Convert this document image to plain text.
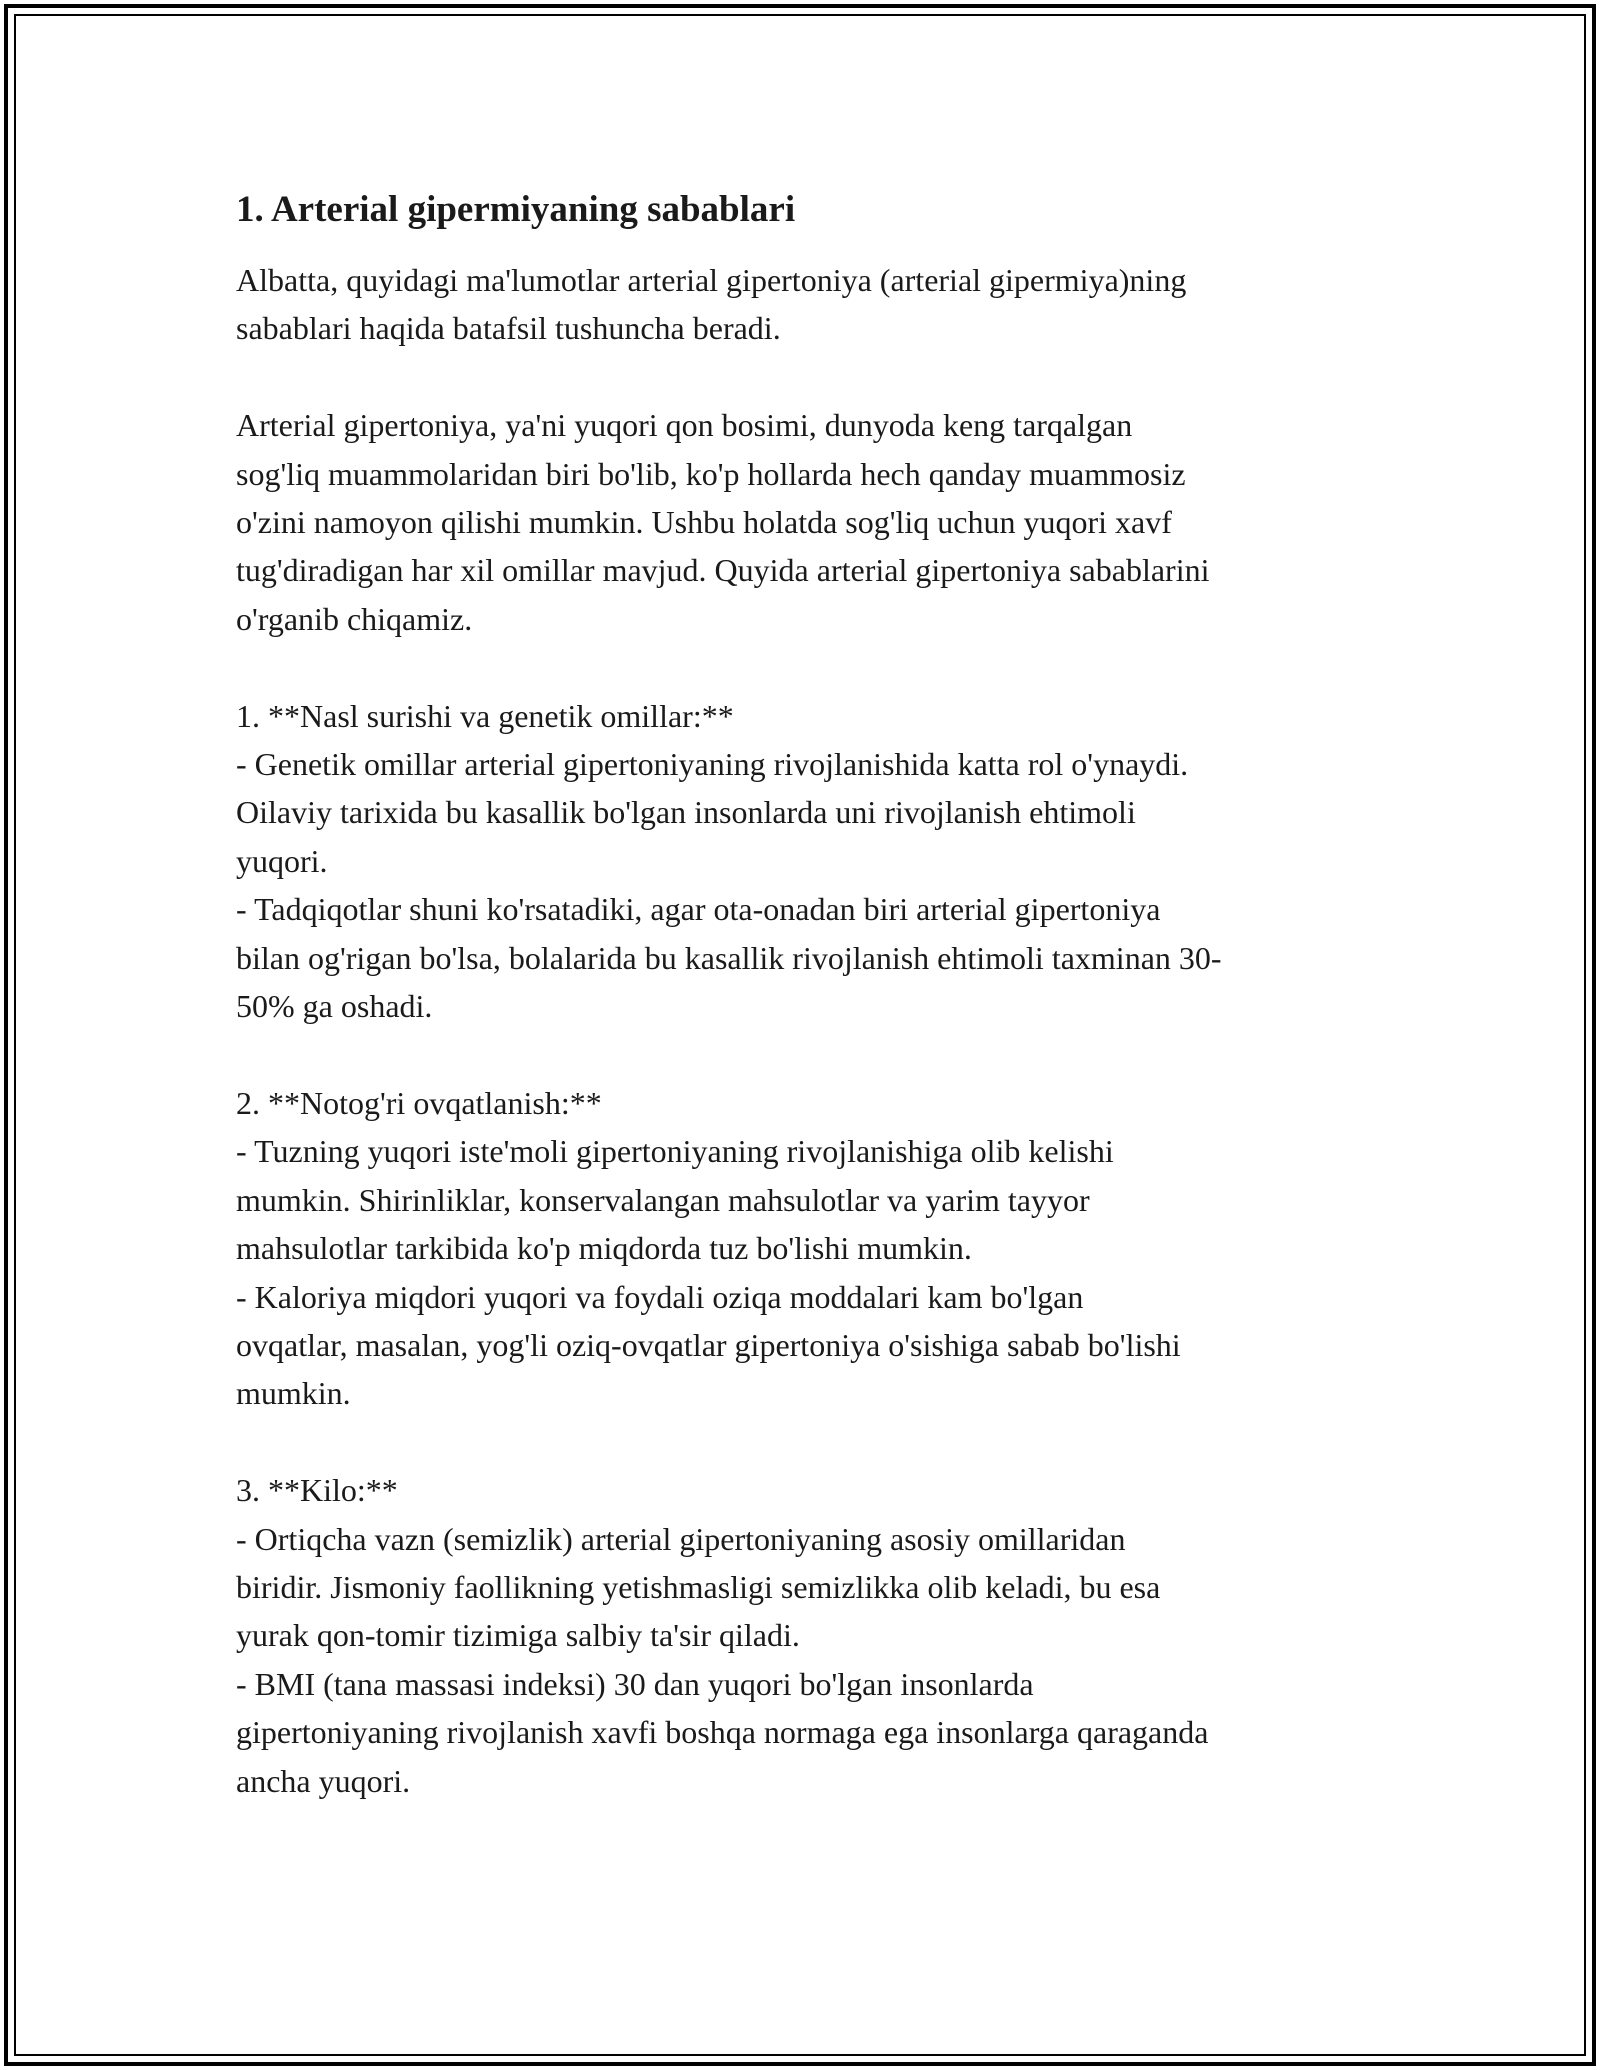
1. Arterial gipermiyaning sabablari

Albatta, quyidagi ma'lumotlar arterial gipertoniya (arterial gipermiya)ning
sabablari haqida batafsil tushuncha beradi.

Arterial gipertoniya, ya'ni yuqori qon bosimi, dunyoda keng tarqalgan
sog'liq muammolaridan biri bo'lib, ko'p hollarda hech qanday muammosiz
o'zini namoyon qilishi mumkin. Ushbu holatda sog'liq uchun yuqori xavf
tug'diradigan har xil omillar mavjud. Quyida arterial gipertoniya sabablarini
o'rganib chiqamiz.

1. **Nasl surishi va genetik omillar:**
- Genetik omillar arterial gipertoniyaning rivojlanishida katta rol o'ynaydi.
Oilaviy tarixida bu kasallik bo'lgan insonlarda uni rivojlanish ehtimoli
yuqori.
- Tadqiqotlar shuni ko'rsatadiki, agar ota-onadan biri arterial gipertoniya
bilan og'rigan bo'lsa, bolalarida bu kasallik rivojlanish ehtimoli taxminan 30-
50% ga oshadi.

2. **Notog'ri ovqatlanish:**
- Tuzning yuqori iste'moli gipertoniyaning rivojlanishiga olib kelishi
mumkin. Shirinliklar, konservalangan mahsulotlar va yarim tayyor
mahsulotlar tarkibida ko'p miqdorda tuz bo'lishi mumkin.
- Kaloriya miqdori yuqori va foydali oziqa moddalari kam bo'lgan
ovqatlar, masalan, yog'li oziq-ovqatlar gipertoniya o'sishiga sabab bo'lishi
mumkin.

3. **Kilo:**
- Ortiqcha vazn (semizlik) arterial gipertoniyaning asosiy omillaridan
biridir. Jismoniy faollikning yetishmasligi semizlikka olib keladi, bu esa
yurak qon-tomir tizimiga salbiy ta'sir qiladi.
- BMI (tana massasi indeksi) 30 dan yuqori bo'lgan insonlarda
gipertoniyaning rivojlanish xavfi boshqa normaga ega insonlarga qaraganda
ancha yuqori.
